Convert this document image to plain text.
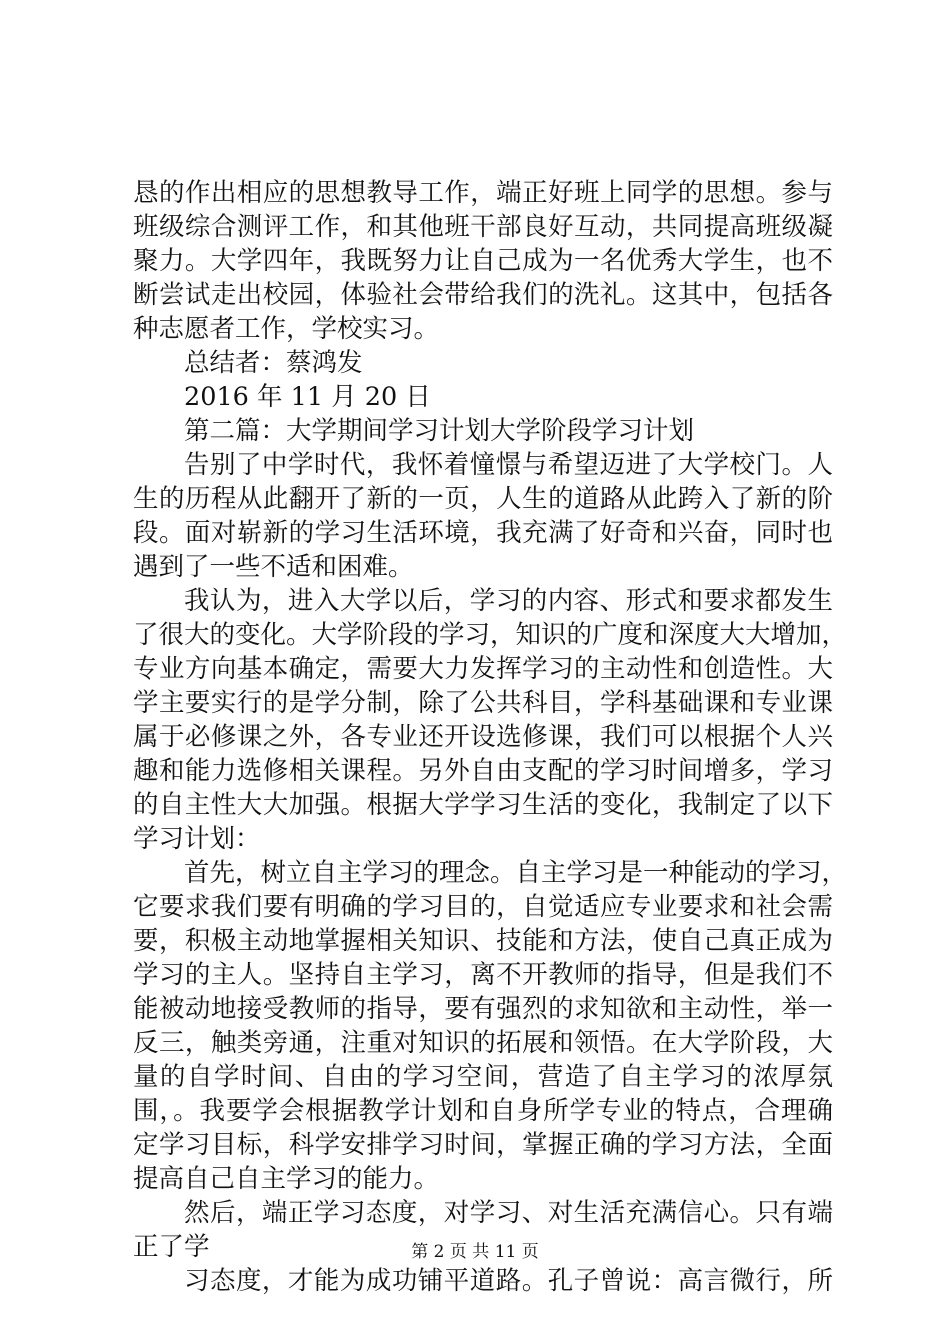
恳的作出相应的思想教导工作，端正好班上同学的思想。参与
班级综合测评工作，和其他班干部良好互动，共同提高班级凝
聚力。大学四年，我既努力让自己成为一名优秀大学生，也不
断尝试走出校园，体验社会带给我们的洗礼。这其中，包括各
种志愿者工作，学校实习。
总结者：蔡鸿发
2016 年 11 月 20 日
第二篇：大学期间学习计划大学阶段学习计划
告别了中学时代，我怀着憧憬与希望迈进了大学校门。人
生的历程从此翻开了新的一页，人生的道路从此跨入了新的阶
段。面对崭新的学习生活环境，我充满了好奇和兴奋，同时也
遇到了一些不适和困难。
我认为，进入大学以后，学习的内容、形式和要求都发生
了很大的变化。大学阶段的学习，知识的广度和深度大大增加，
专业方向基本确定，需要大力发挥学习的主动性和创造性。大
学主要实行的是学分制，除了公共科目，学科基础课和专业课
属于必修课之外，各专业还开设选修课，我们可以根据个人兴
趣和能力选修相关课程。另外自由支配的学习时间增多，学习
的自主性大大加强。根据大学学习生活的变化，我制定了以下
学习计划：
首先，树立自主学习的理念。自主学习是一种能动的学习，
它要求我们要有明确的学习目的，自觉适应专业要求和社会需
要，积极主动地掌握相关知识、技能和方法，使自己真正成为
学习的主人。坚持自主学习，离不开教师的指导，但是我们不
能被动地接受教师的指导，要有强烈的求知欲和主动性，举一
反三，触类旁通，注重对知识的拓展和领悟。在大学阶段，大
量的自学时间、自由的学习空间，营造了自主学习的浓厚氛
围，。我要学会根据教学计划和自身所学专业的特点，合理确
定学习目标，科学安排学习时间，掌握正确的学习方法，全面
提高自己自主学习的能力。
然后，端正学习态度，对学习、对生活充满信心。只有端
正了学
习态度，才能为成功铺平道路。孔子曾说：高言微行，所
第 2 页 共 11 页
